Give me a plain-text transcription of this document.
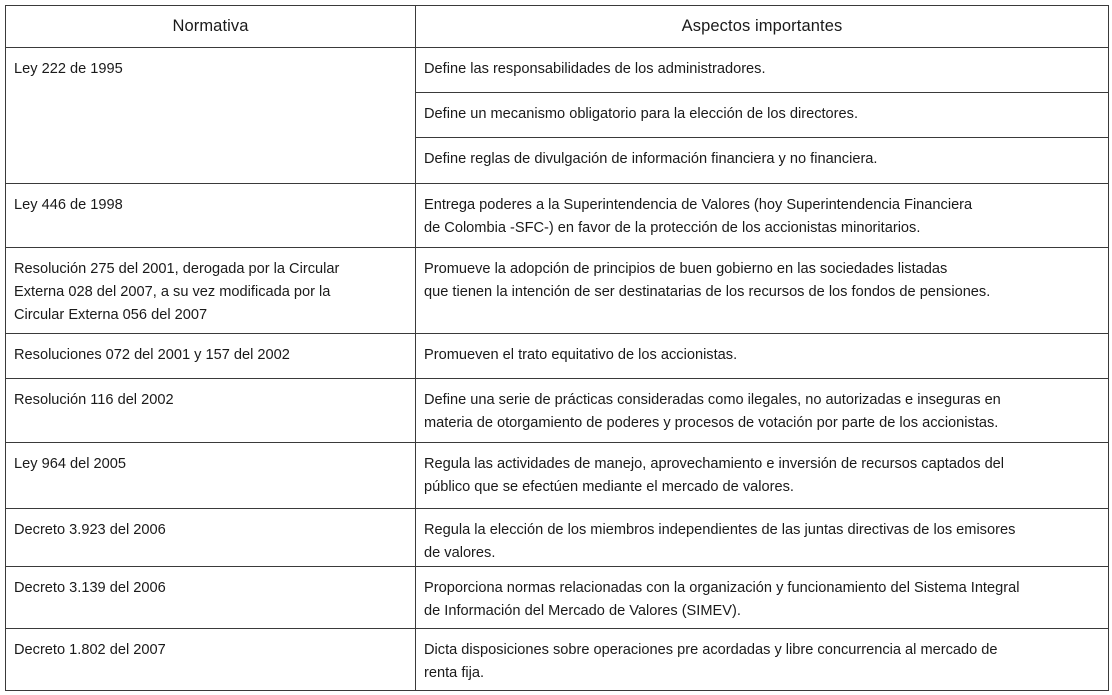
Normativa	Aspectos importantes

Ley 222 de 1995	Define las responsabilidades de los administradores.

	Define un mecanismo obligatorio para la elección de los directores.

	Define reglas de divulgación de información financiera y no financiera.

Ley 446 de 1998	Entrega poderes a la Superintendencia de Valores (hoy Superintendencia Financiera
de Colombia -SFC-) en favor de la protección de los accionistas minoritarios.

Resolución 275 del 2001, derogada por la Circular
Externa 028 del 2007, a su vez modificada por la
Circular Externa 056 del 2007	Promueve la adopción de principios de buen gobierno en las sociedades listadas
que tienen la intención de ser destinatarias de los recursos de los fondos de pensiones.

Resoluciones 072 del 2001 y 157 del 2002	Promueven el trato equitativo de los accionistas.

Resolución 116 del 2002	Define una serie de prácticas consideradas como ilegales, no autorizadas e inseguras en
materia de otorgamiento de poderes y procesos de votación por parte de los accionistas.

Ley 964 del 2005	Regula las actividades de manejo, aprovechamiento e inversión de recursos captados del
público que se efectúen mediante el mercado de valores.

Decreto 3.923 del 2006	Regula la elección de los miembros independientes de las juntas directivas de los emisores
de valores.

Decreto 3.139 del 2006	Proporciona normas relacionadas con la organización y funcionamiento del Sistema Integral
de Información del Mercado de Valores (SIMEV).

Decreto 1.802 del 2007	Dicta disposiciones sobre operaciones pre acordadas y libre concurrencia al mercado de
renta fija.
